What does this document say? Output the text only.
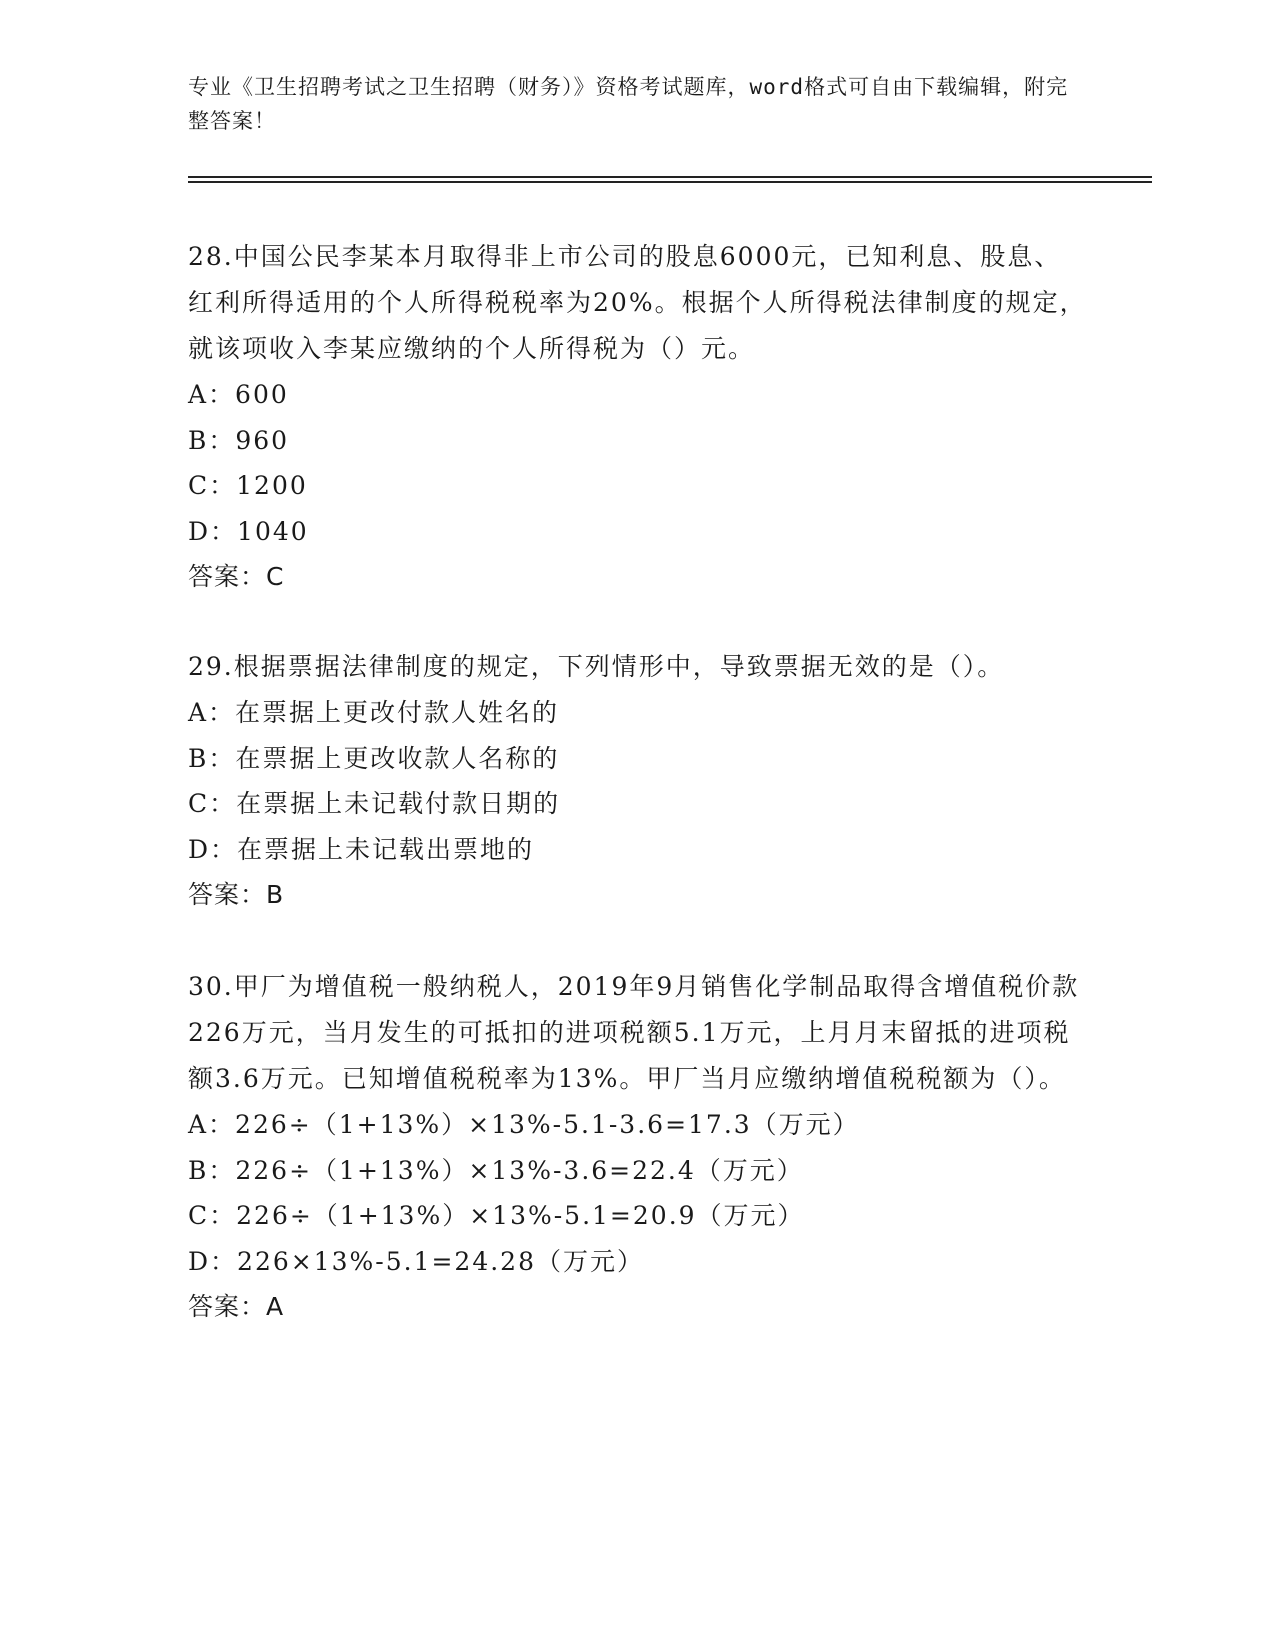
专业《卫生招聘考试之卫生招聘（财务）》资格考试题库，word格式可自由下载编辑，附完整答案！
28.中国公民李某本月取得非上市公司的股息6000元，已知利息、股息、红利所得适用的个人所得税税率为20%。根据个人所得税法律制度的规定，就该项收入李某应缴纳的个人所得税为（）元。
A：600
B：960
C：1200
D：1040
答案：C
29.根据票据法律制度的规定，下列情形中，导致票据无效的是（）。
A：在票据上更改付款人姓名的
B：在票据上更改收款人名称的
C：在票据上未记载付款日期的
D：在票据上未记载出票地的
答案：B
30.甲厂为增值税一般纳税人，2019年9月销售化学制品取得含增值税价款226万元，当月发生的可抵扣的进项税额5.1万元，上月月末留抵的进项税额3.6万元。已知增值税税率为13%。甲厂当月应缴纳增值税税额为（）。
A：226÷（1+13%）×13%-5.1-3.6=17.3（万元）
B：226÷（1+13%）×13%-3.6=22.4（万元）
C：226÷（1+13%）×13%-5.1=20.9（万元）
D：226×13%-5.1=24.28（万元）
答案：A
